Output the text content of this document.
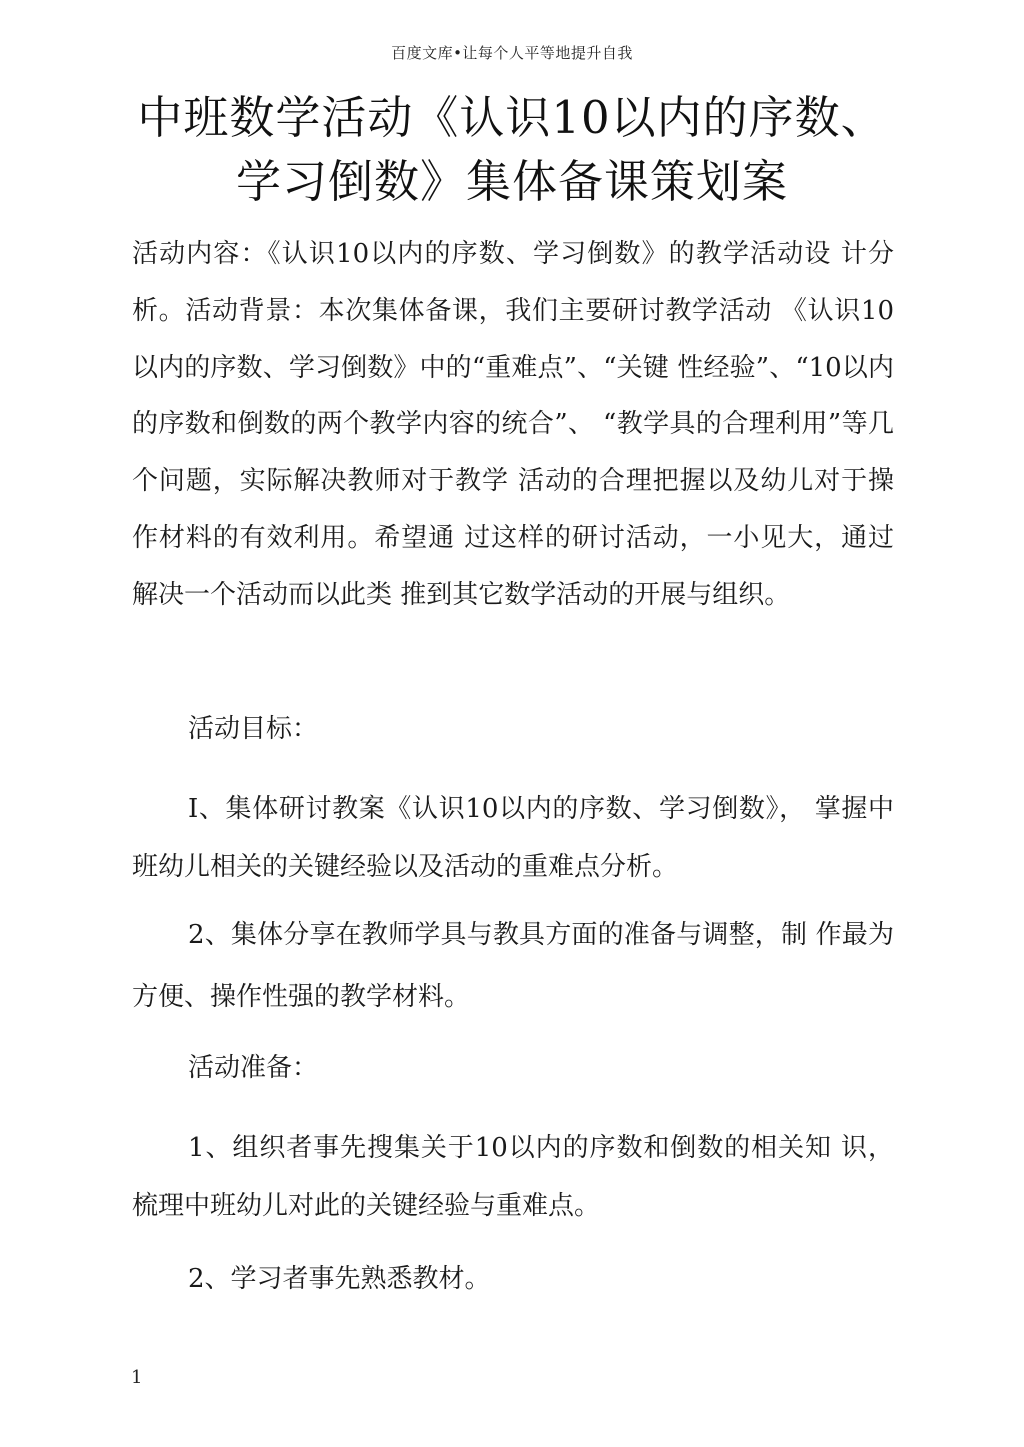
百度文库•让每个人平等地提升自我
中班数学活动《认识10以内的序数、学习倒数》集体备课策划案
活动内容：《认识10以内的序数、学习倒数》的教学活动设 计分析。活动背景：本次集体备课，我们主要研讨教学活动 《认识10以内的序数、学习倒数》中的“重难点”、“关键 性经验”、“10以内的序数和倒数的两个教学内容的统合”、 “教学具的合理利用”等几个问题，实际解决教师对于教学 活动的合理把握以及幼儿对于操作材料的有效利用。希望通 过这样的研讨活动，一小见大，通过解决一个活动而以此类 推到其它数学活动的开展与组织。
活动目标：
I、集体研讨教案《认识10以内的序数、学习倒数》， 掌握中班幼儿相关的关键经验以及活动的重难点分析。
2、集体分享在教师学具与教具方面的准备与调整，制 作最为方便、操作性强的教学材料。
活动准备：
1、组织者事先搜集关于10以内的序数和倒数的相关知 识，梳理中班幼儿对此的关键经验与重难点。
2、学习者事先熟悉教材。
1
